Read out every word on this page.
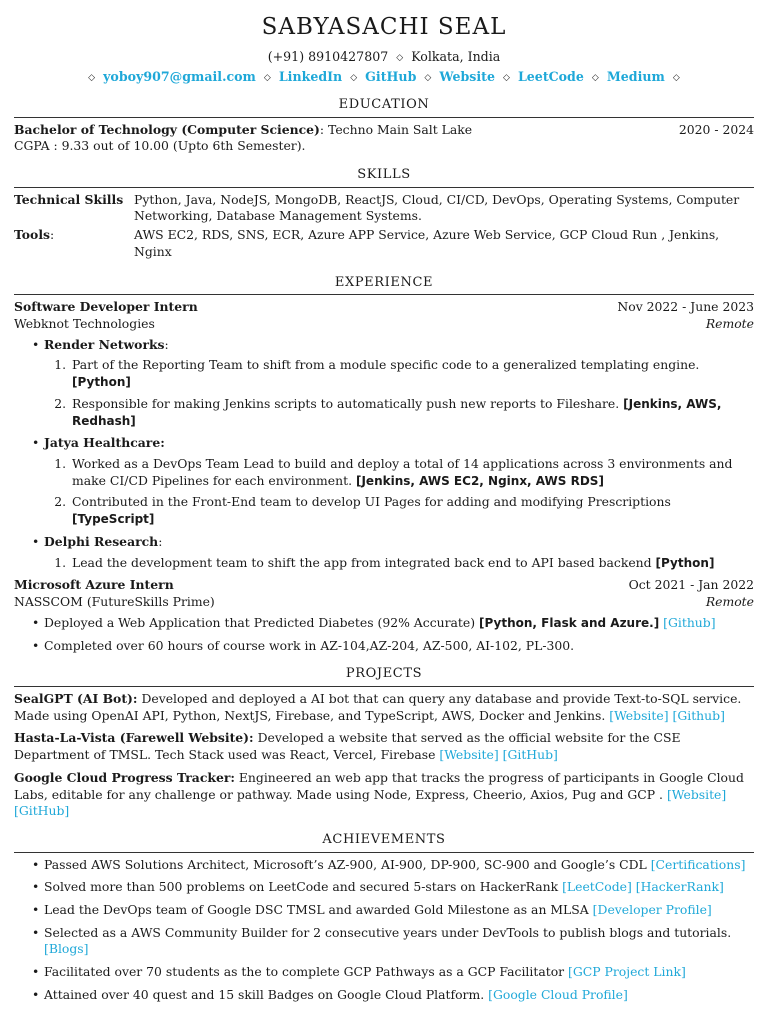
SABYASACHI SEAL

(+91) 8910427807 ◇ Kolkata, India

◇ yoboy907@gmail.com ◇ LinkedIn ◇ GitHub ◇ Website ◇ LeetCode ◇ Medium ◇

EDUCATION
Bachelor of Technology (Computer Science): Techno Main Salt Lake	2020 - 2024
CGPA : 9.33 out of 10.00 (Upto 6th Semester).
SKILLS
Technical Skills	Python, Java, NodeJS, MongoDB, ReactJS, Cloud, CI/CD, DevOps, Operating Systems, Computer Networking, Database Management Systems.
Tools:	AWS EC2, RDS, SNS, ECR, Azure APP Service, Azure Web Service, GCP Cloud Run , Jenkins, Nginx
EXPERIENCE
Software Developer Intern	Nov 2022 - June 2023
Webknot Technologies	Remote
• Render Networks:
1. Part of the Reporting Team to shift from a module specific code to a generalized templating engine. [Python]
2. Responsible for making Jenkins scripts to automatically push new reports to Fileshare. [Jenkins, AWS, Redhash]
• Jatya Healthcare:
1. Worked as a DevOps Team Lead to build and deploy a total of 14 applications across 3 environments and make CI/CD Pipelines for each environment. [Jenkins, AWS EC2, Nginx, AWS RDS]
2. Contributed in the Front-End team to develop UI Pages for adding and modifying Prescriptions [TypeScript]
• Delphi Research:
1. Lead the development team to shift the app from integrated back end to API based backend [Python]
Microsoft Azure Intern	Oct 2021 - Jan 2022
NASSCOM (FutureSkills Prime)	Remote
• Deployed a Web Application that Predicted Diabetes (92% Accurate) [Python, Flask and Azure.] [Github]
• Completed over 60 hours of course work in AZ-104,AZ-204, AZ-500, AI-102, PL-300.
PROJECTS
SealGPT (AI Bot): Developed and deployed a AI bot that can query any database and provide Text-to-SQL service. Made using OpenAI API, Python, NextJS, Firebase, and TypeScript, AWS, Docker and Jenkins. [Website] [Github]
Hasta-La-Vista (Farewell Website): Developed a website that served as the official website for the CSE Department of TMSL. Tech Stack used was React, Vercel, Firebase [Website] [GitHub]
Google Cloud Progress Tracker: Engineered an web app that tracks the progress of participants in Google Cloud Labs, editable for any challenge or pathway. Made using Node, Express, Cheerio, Axios, Pug and GCP . [Website] [GitHub]
ACHIEVEMENTS
• Passed AWS Solutions Architect, Microsoft’s AZ-900, AI-900, DP-900, SC-900 and Google’s CDL [Certifications]
• Solved more than 500 problems on LeetCode and secured 5-stars on HackerRank [LeetCode] [HackerRank]
• Lead the DevOps team of Google DSC TMSL and awarded Gold Milestone as an MLSA [Developer Profile]
• Selected as a AWS Community Builder for 2 consecutive years under DevTools to publish blogs and tutorials. [Blogs]
• Facilitated over 70 students as the to complete GCP Pathways as a GCP Facilitator [GCP Project Link]
• Attained over 40 quest and 15 skill Badges on Google Cloud Platform. [Google Cloud Profile]
